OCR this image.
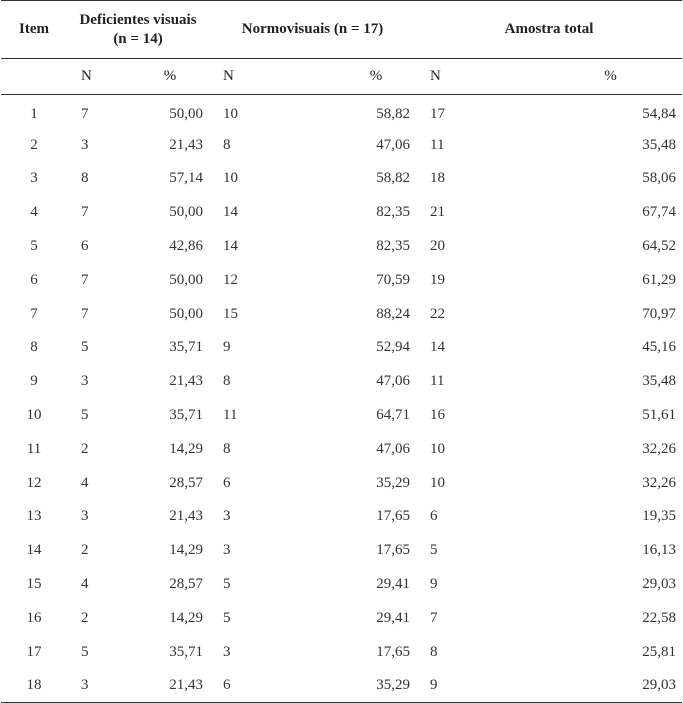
Item	Deficientes visuais (n = 14)		Normovisuais (n = 17)		Amostra total	
	N	%	N	%	N	%
1	7	50,00	10	58,82	17	54,84
2	3	21,43	8	47,06	11	35,48
3	8	57,14	10	58,82	18	58,06
4	7	50,00	14	82,35	21	67,74
5	6	42,86	14	82,35	20	64,52
6	7	50,00	12	70,59	19	61,29
7	7	50,00	15	88,24	22	70,97
8	5	35,71	9	52,94	14	45,16
9	3	21,43	8	47,06	11	35,48
10	5	35,71	11	64,71	16	51,61
11	2	14,29	8	47,06	10	32,26
12	4	28,57	6	35,29	10	32,26
13	3	21,43	3	17,65	6	19,35
14	2	14,29	3	17,65	5	16,13
15	4	28,57	5	29,41	9	29,03
16	2	14,29	5	29,41	7	22,58
17	5	35,71	3	17,65	8	25,81
18	3	21,43	6	35,29	9	29,03
